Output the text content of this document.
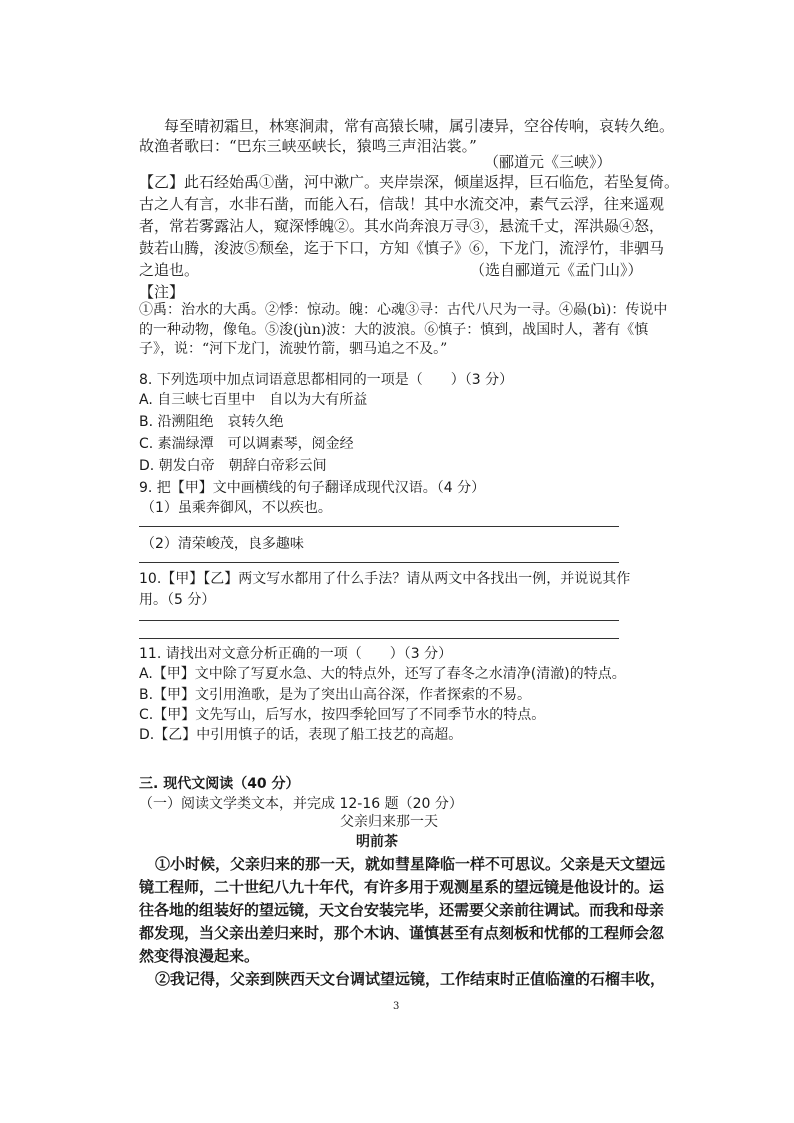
每至晴初霜旦，林寒涧肃，常有高猿长啸，属引凄异，空谷传响，哀转久绝。
故渔者歌曰：“巴东三峡巫峡长，猿鸣三声泪沾裳。”
（郦道元《三峡》）
【乙】此石经始禹①凿，河中漱广。夹岸崇深，倾崖返捍，巨石临危，若坠复倚。
古之人有言，水非石凿，而能入石，信哉！其中水流交冲，素气云浮，往来遥观
者，常若雾露沾人，窥深悸魄②。其水尚奔浪万寻③，悬流千丈，浑洪赑④怒，
鼓若山腾，浚波⑤颓垒，迄于下口，方知《慎子》⑥，下龙门，流浮竹，非驷马
之追也。	（选自郦道元《孟门山》）
【注】
①禹：治水的大禹。②悸：惊动。魄：心魂③寻：古代八尺为一寻。④赑(bì)：传说中
的一种动物，像龟。⑤浚(jùn)波：大的波浪。⑥慎子：慎到，战国时人，著有《慎
子》，说：“河下龙门，流驶竹箭，驷马追之不及。”
8. 下列选项中加点词语意思都相同的一项是（　　）（3 分）
A. 自三峡七百里中　自以为大有所益
B. 沿溯阻绝　哀转久绝
C. 素湍绿潭　可以调素琴，阅金经
D. 朝发白帝　朝辞白帝彩云间
9. 把【甲】文中画横线的句子翻译成现代汉语。（4 分）
（1）虽乘奔御风，不以疾也。
（2）清荣峻茂，良多趣味
10.【甲】【乙】两文写水都用了什么手法？请从两文中各找出一例，并说说其作
用。（5 分）
11. 请找出对文意分析正确的一项（　　）（3 分）
A.【甲】文中除了写夏水急、大的特点外，还写了春冬之水清净(清澈)的特点。
B.【甲】文引用渔歌，是为了突出山高谷深，作者探索的不易。
C.【甲】文先写山，后写水，按四季轮回写了不同季节水的特点。
D.【乙】中引用慎子的话，表现了船工技艺的高超。
三. 现代文阅读（40 分）
（一）阅读文学类文本，并完成 12-16 题（20 分）
父亲归来那一天
明前茶
①小时候，父亲归来的那一天，就如彗星降临一样不可思议。父亲是天文望远
镜工程师，二十世纪八九十年代，有许多用于观测星系的望远镜是他设计的。运
往各地的组装好的望远镜，天文台安装完毕，还需要父亲前往调试。而我和母亲
都发现，当父亲出差归来时，那个木讷、谨慎甚至有点刻板和忧郁的工程师会忽
然变得浪漫起来。
②我记得，父亲到陕西天文台调试望远镜，工作结束时正值临潼的石榴丰收，
3
